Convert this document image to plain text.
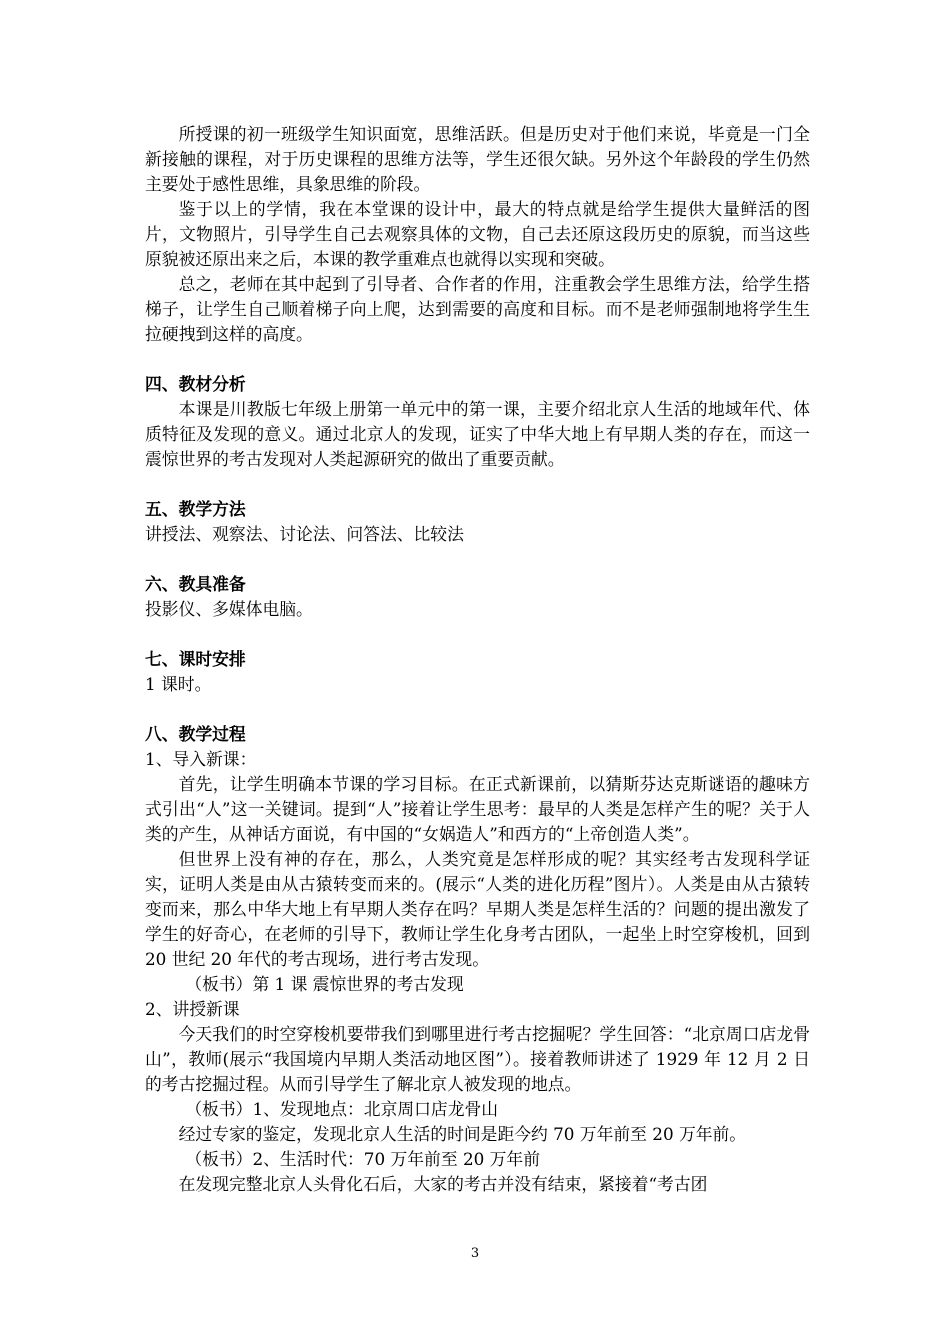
所授课的初一班级学生知识面宽，思维活跃。但是历史对于他们来说，毕竟是一门全新接触的课程，对于历史课程的思维方法等，学生还很欠缺。另外这个年龄段的学生仍然主要处于感性思维，具象思维的阶段。

鉴于以上的学情，我在本堂课的设计中，最大的特点就是给学生提供大量鲜活的图片，文物照片，引导学生自己去观察具体的文物，自己去还原这段历史的原貌，而当这些原貌被还原出来之后，本课的教学重难点也就得以实现和突破。

总之，老师在其中起到了引导者、合作者的作用，注重教会学生思维方法，给学生搭梯子，让学生自己顺着梯子向上爬，达到需要的高度和目标。而不是老师强制地将学生生拉硬拽到这样的高度。

四、教材分析

本课是川教版七年级上册第一单元中的第一课，主要介绍北京人生活的地域年代、体质特征及发现的意义。通过北京人的发现，证实了中华大地上有早期人类的存在，而这一震惊世界的考古发现对人类起源研究的做出了重要贡献。

五、教学方法

讲授法、观察法、讨论法、问答法、比较法

六、教具准备

投影仪、多媒体电脑。

七、课时安排

1 课时。

八、教学过程

1、导入新课：

首先，让学生明确本节课的学习目标。在正式新课前，以猜斯芬达克斯谜语的趣味方式引出“人”这一关键词。提到“人”接着让学生思考：最早的人类是怎样产生的呢？关于人类的产生，从神话方面说，有中国的“女娲造人”和西方的“上帝创造人类”。

但世界上没有神的存在，那么，人类究竟是怎样形成的呢？其实经考古发现科学证实，证明人类是由从古猿转变而来的。(展示“人类的进化历程”图片）。人类是由从古猿转变而来，那么中华大地上有早期人类存在吗？早期人类是怎样生活的？问题的提出激发了学生的好奇心，在老师的引导下，教师让学生化身考古团队，一起坐上时空穿梭机，回到 20 世纪 20 年代的考古现场，进行考古发现。

（板书）第 1 课 震惊世界的考古发现

2、讲授新课

今天我们的时空穿梭机要带我们到哪里进行考古挖掘呢？学生回答：“北京周口店龙骨山”，教师(展示“我国境内早期人类活动地区图”）。接着教师讲述了 1929 年 12 月 2 日的考古挖掘过程。从而引导学生了解北京人被发现的地点。

（板书）1、发现地点：北京周口店龙骨山

经过专家的鉴定，发现北京人生活的时间是距今约 70 万年前至 20 万年前。

（板书）2、生活时代：70 万年前至 20 万年前

在发现完整北京人头骨化石后，大家的考古并没有结束，紧接着“考古团

3
